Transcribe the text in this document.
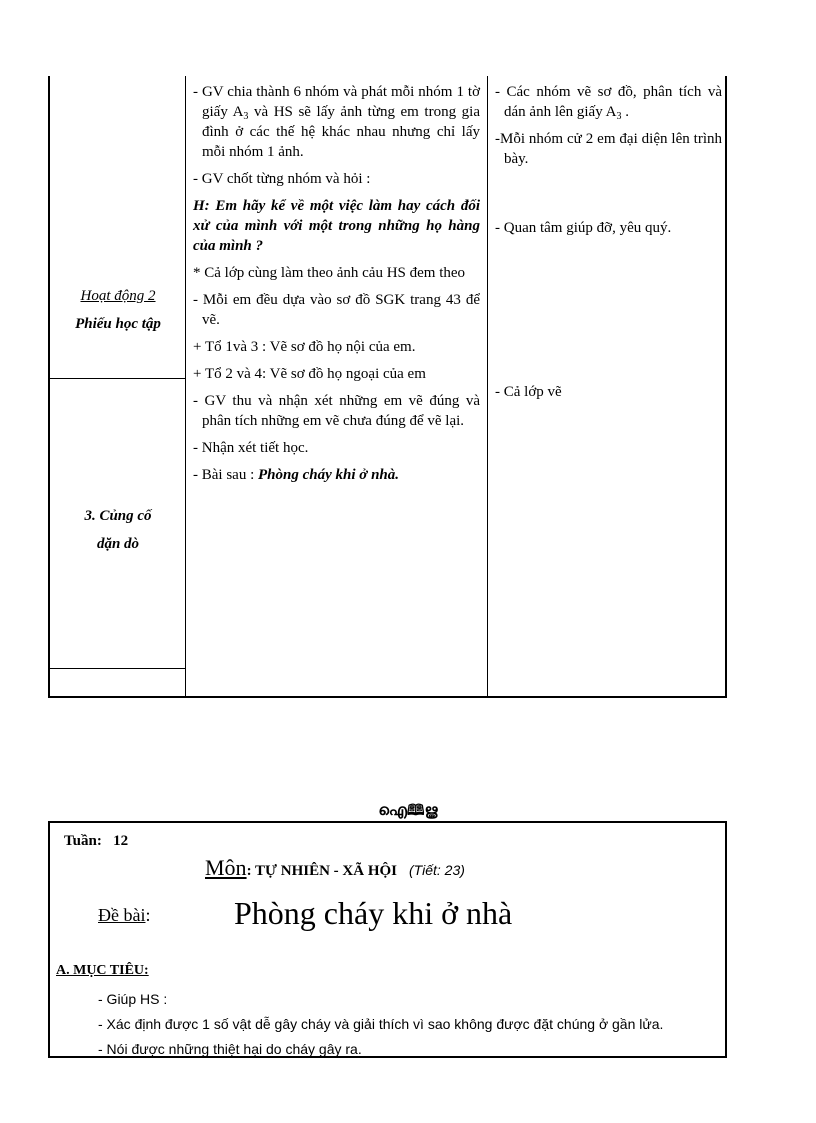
Hoạt động 2
Phiếu học tập
3. Củng cố
dặn dò

- GV chia thành 6 nhóm và phát mỗi nhóm 1 tờ giấy $A_3$ và HS sẽ lấy ảnh từng em trong gia đình ở các thế hệ khác nhau nhưng chỉ lấy mỗi nhóm 1 ảnh.

- GV chốt từng nhóm và hỏi :

H: Em hãy kể về một việc làm hay cách đối xử của mình với một trong những họ hàng của mình ?

* Cả lớp cùng làm theo ảnh cảu HS đem theo

- Mỗi em đều dựa vào sơ đồ SGK trang 43 để vẽ.

+ Tổ 1và 3 : Vẽ sơ đồ họ nội của em.

+ Tổ 2 và 4: Vẽ sơ đồ họ ngoại của em

- GV thu và nhận xét những em vẽ đúng và phân tích những em vẽ chưa đúng để vẽ lại.

- Nhận xét tiết học.

- Bài sau : Phòng cháy khi ở nhà.

- Các nhóm vẽ sơ đồ, phân tích và dán ảnh lên giấy $A_3$ .

-Mỗi nhóm cử 2 em đại diện lên trình bày.

- Quan tâm giúp đỡ, yêu quý.

- Cả lớp vẽ

ഐ🕮ൠ
Tuần: 12
Môn: TỰ NHIÊN - XÃ HỘI (Tiết: 23)
Đề bài:	Phòng cháy khi ở nhà
A. MỤC TIÊU:
- Giúp HS :
- Xác định được 1 số vật dễ gây cháy và giải thích vì sao không được đặt chúng ở gần lửa.
- Nói được những thiệt hại do cháy gây ra.
